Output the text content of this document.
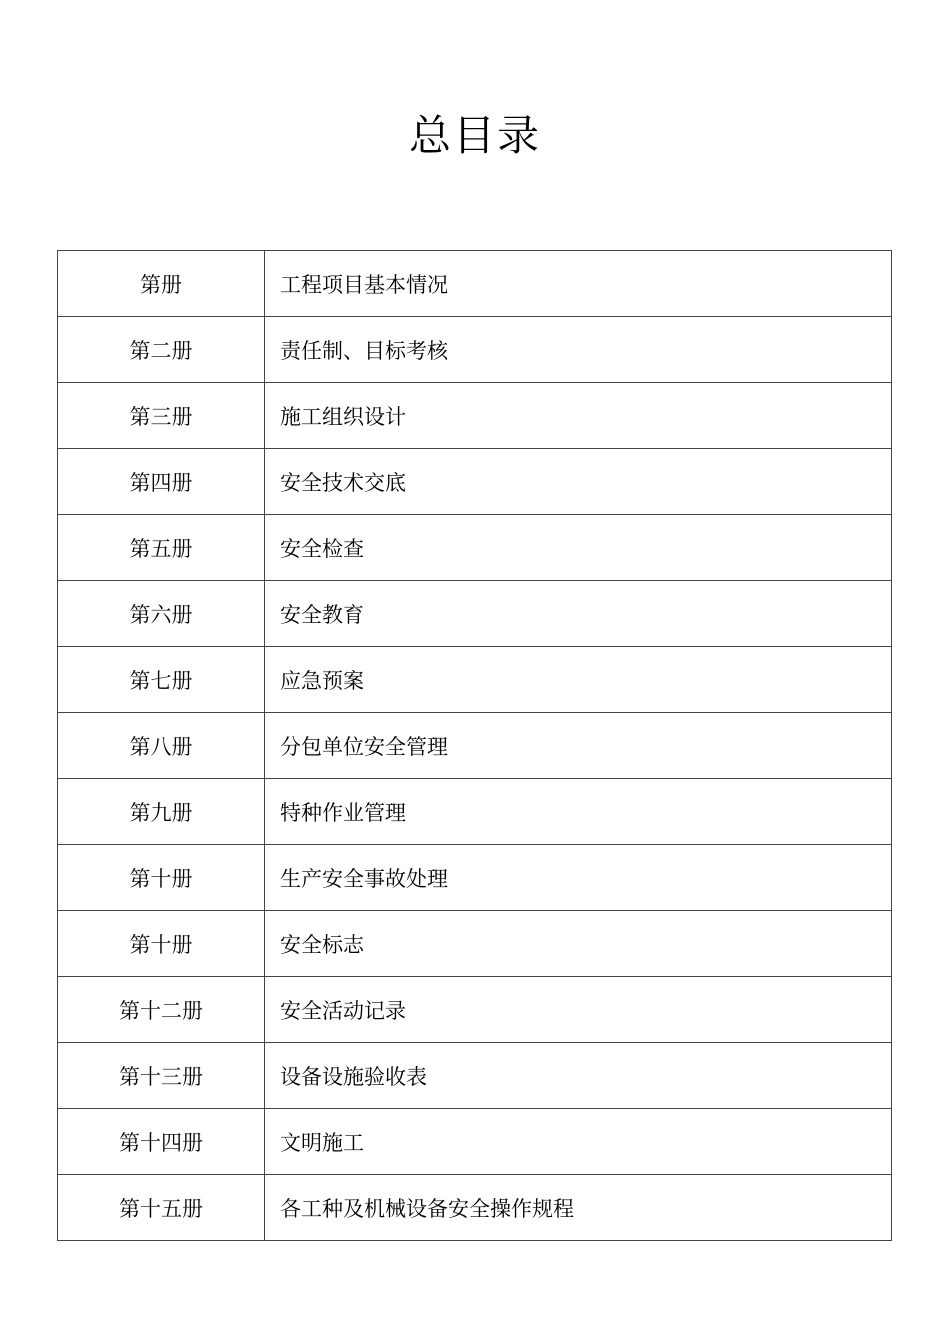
总目录
第册	工程项目基本情况
第二册	责任制、目标考核
第三册	施工组织设计
第四册	安全技术交底
第五册	安全检查
第六册	安全教育
第七册	应急预案
第八册	分包单位安全管理
第九册	特种作业管理
第十册	生产安全事故处理
第十册	安全标志
第十二册	安全活动记录
第十三册	设备设施验收表
第十四册	文明施工
第十五册	各工种及机械设备安全操作规程
